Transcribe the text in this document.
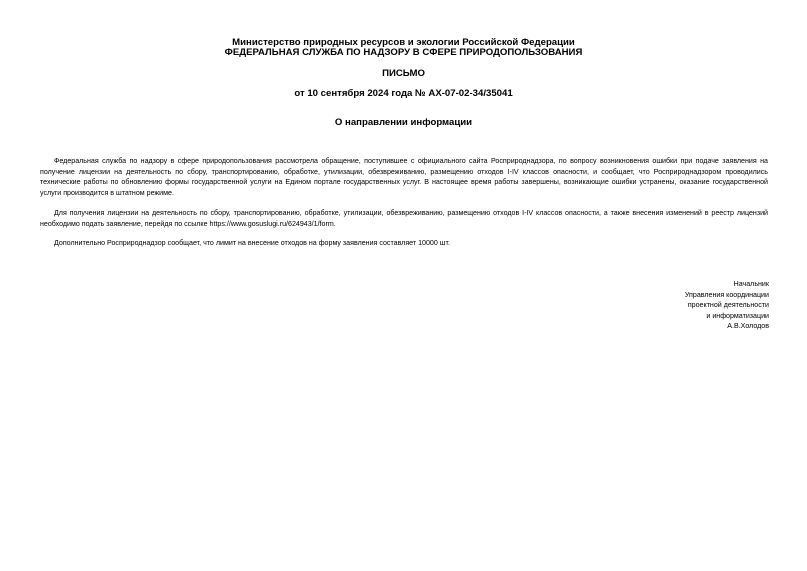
Министерство природных ресурсов и экологии Российской Федерации
ФЕДЕРАЛЬНАЯ СЛУЖБА ПО НАДЗОРУ В СФЕРЕ ПРИРОДОПОЛЬЗОВАНИЯ
ПИСЬМО
от 10 сентября 2024 года № АХ-07-02-34/35041
О направлении информации

Федеральная служба по надзору в сфере природопользования рассмотрела обращение, поступившее с официального сайта Росприроднадзора, по вопросу возникновения ошибки при подаче заявления на получение лицензии на деятельность по сбору, транспортированию, обработке, утилизации, обезвреживанию, размещению отходов I-IV классов опасности, и сообщает, что Росприроднадзором проводились технические работы по обновлению формы государственной услуги на Едином портале государственных услуг. В настоящее время работы завершены, возникающие ошибки устранены, оказание государственной услуги производится в штатном режиме.

Для получения лицензии на деятельность по сбору, транспортированию, обработке, утилизации, обезвреживанию, размещению отходов I-IV классов опасности, а также внесения изменений в реестр лицензий необходимо подать заявление, перейдя по ссылке https://www.gosuslugi.ru/624943/1/form.

Дополнительно Росприроднадзор сообщает, что лимит на внесение отходов на форму заявления составляет 10000 шт.

Начальник
Управления координации
проектной деятельности
и информатизации
А.В.Холодов
